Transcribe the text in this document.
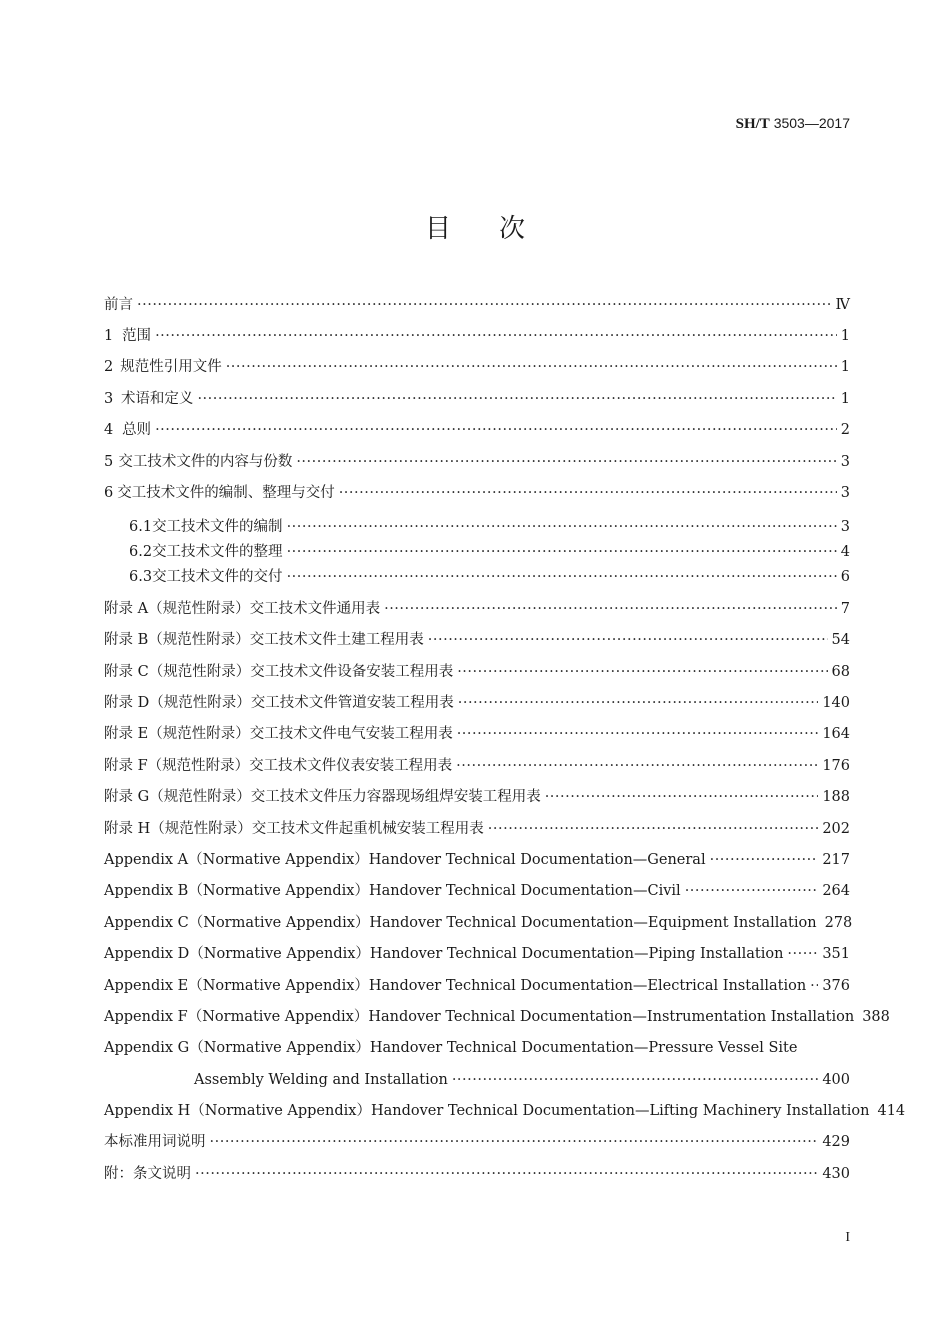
SH/T 3503—2017
目次
前言 ·····	Ⅳ
1 范围 ·····	1
2 规范性引用文件 ·····	1
3 术语和定义 ·····	1
4 总则 ·····	2
5 交工技术文件的内容与份数 ·····	3
6 交工技术文件的编制、整理与交付 ·····	3
6.1 交工技术文件的编制 ·····	3
6.2 交工技术文件的整理 ·····	4
6.3 交工技术文件的交付 ·····	6
附录 A（规范性附录）交工技术文件通用表 ·····	7
附录 B（规范性附录）交工技术文件土建工程用表 ·····	54
附录 C（规范性附录）交工技术文件设备安装工程用表 ·····	68
附录 D（规范性附录）交工技术文件管道安装工程用表 ·····	140
附录 E（规范性附录）交工技术文件电气安装工程用表 ·····	164
附录 F（规范性附录）交工技术文件仪表安装工程用表 ·····	176
附录 G（规范性附录）交工技术文件压力容器现场组焊安装工程用表 ·····	188
附录 H（规范性附录）交工技术文件起重机械安装工程用表 ·····	202
Appendix A（Normative Appendix）Handover Technical Documentation—General ·····	217
Appendix B（Normative Appendix）Handover Technical Documentation—Civil ·····	264
Appendix C（Normative Appendix）Handover Technical Documentation—Equipment Installation 278
Appendix D（Normative Appendix）Handover Technical Documentation—Piping Installation ·····	351
Appendix E（Normative Appendix）Handover Technical Documentation—Electrical Installation ····· 376
Appendix F（Normative Appendix）Handover Technical Documentation—Instrumentation Installation 388
Appendix G（Normative Appendix）Handover Technical Documentation—Pressure Vessel Site
Assembly Welding and Installation ·····	400
Appendix H（Normative Appendix）Handover Technical Documentation—Lifting Machinery Installation 414
本标准用词说明 ·····	429
附：条文说明 ·····	430
I
